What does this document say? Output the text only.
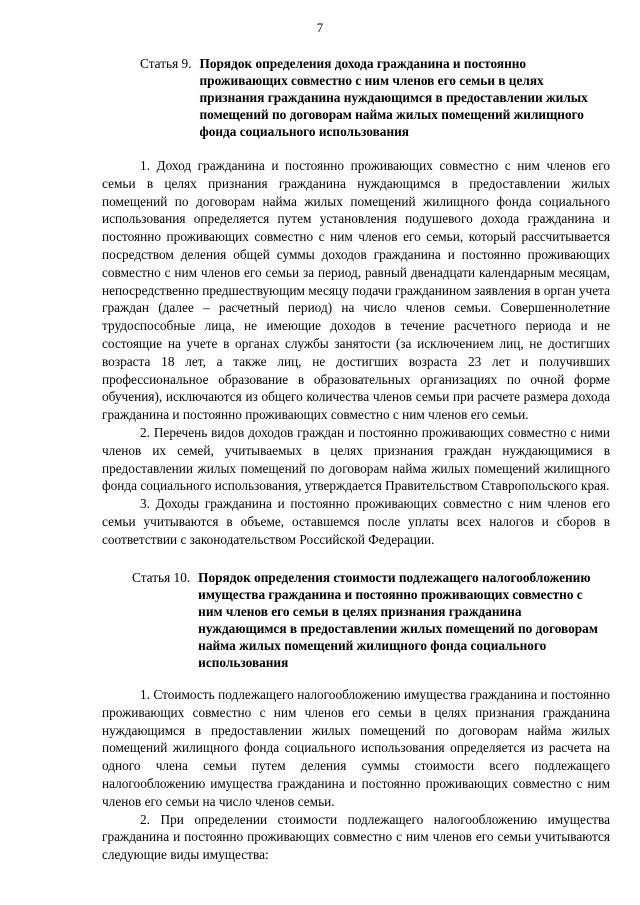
7
Статья 9. Порядок определения дохода гражданина и постоянно проживающих совместно с ним членов его семьи в целях признания гражданина нуждающимся в предоставлении жилых помещений по договорам найма жилых помещений жилищного фонда социального использования

1. Доход гражданина и постоянно проживающих совместно с ним членов его семьи в целях признания гражданина нуждающимся в предоставлении жилых помещений по договорам найма жилых помещений жилищного фонда социального использования определяется путем установления подушевого дохода гражданина и постоянно проживающих совместно с ним членов его семьи, который рассчитывается посредством деления общей суммы доходов гражданина и постоянно проживающих совместно с ним членов его семьи за период, равный двенадцати календарным месяцам, непосредственно предшествующим месяцу подачи гражданином заявления в орган учета граждан (далее – расчетный период) на число членов семьи. Совершеннолетние трудоспособные лица, не имеющие доходов в течение расчетного периода и не состоящие на учете в органах службы занятости (за исключением лиц, не достигших возраста 18 лет, а также лиц, не достигших возраста 23 лет и получивших профессиональное образование в образовательных организациях по очной форме обучения), исключаются из общего количества членов семьи при расчете размера дохода гражданина и постоянно проживающих совместно с ним членов его семьи.

2. Перечень видов доходов граждан и постоянно проживающих совместно с ними членов их семей, учитываемых в целях признания граждан нуждающимися в предоставлении жилых помещений по договорам найма жилых помещений жилищного фонда социального использования, утверждается Правительством Ставропольского края.

3. Доходы гражданина и постоянно проживающих совместно с ним членов его семьи учитываются в объеме, оставшемся после уплаты всех налогов и сборов в соответствии с законодательством Российской Федерации.

Статья 10. Порядок определения стоимости подлежащего налогообложению имущества гражданина и постоянно проживающих совместно с ним членов его семьи в целях признания гражданина нуждающимся в предоставлении жилых помещений по договорам найма жилых помещений жилищного фонда социального использования

1. Стоимость подлежащего налогообложению имущества гражданина и постоянно проживающих совместно с ним членов его семьи в целях признания гражданина нуждающимся в предоставлении жилых помещений по договорам найма жилых помещений жилищного фонда социального использования определяется из расчета на одного члена семьи путем деления суммы стоимости всего подлежащего налогообложению имущества гражданина и постоянно проживающих совместно с ним членов его семьи на число членов семьи.

2. При определении стоимости подлежащего налогообложению имущества гражданина и постоянно проживающих совместно с ним членов его семьи учитываются следующие виды имущества:
